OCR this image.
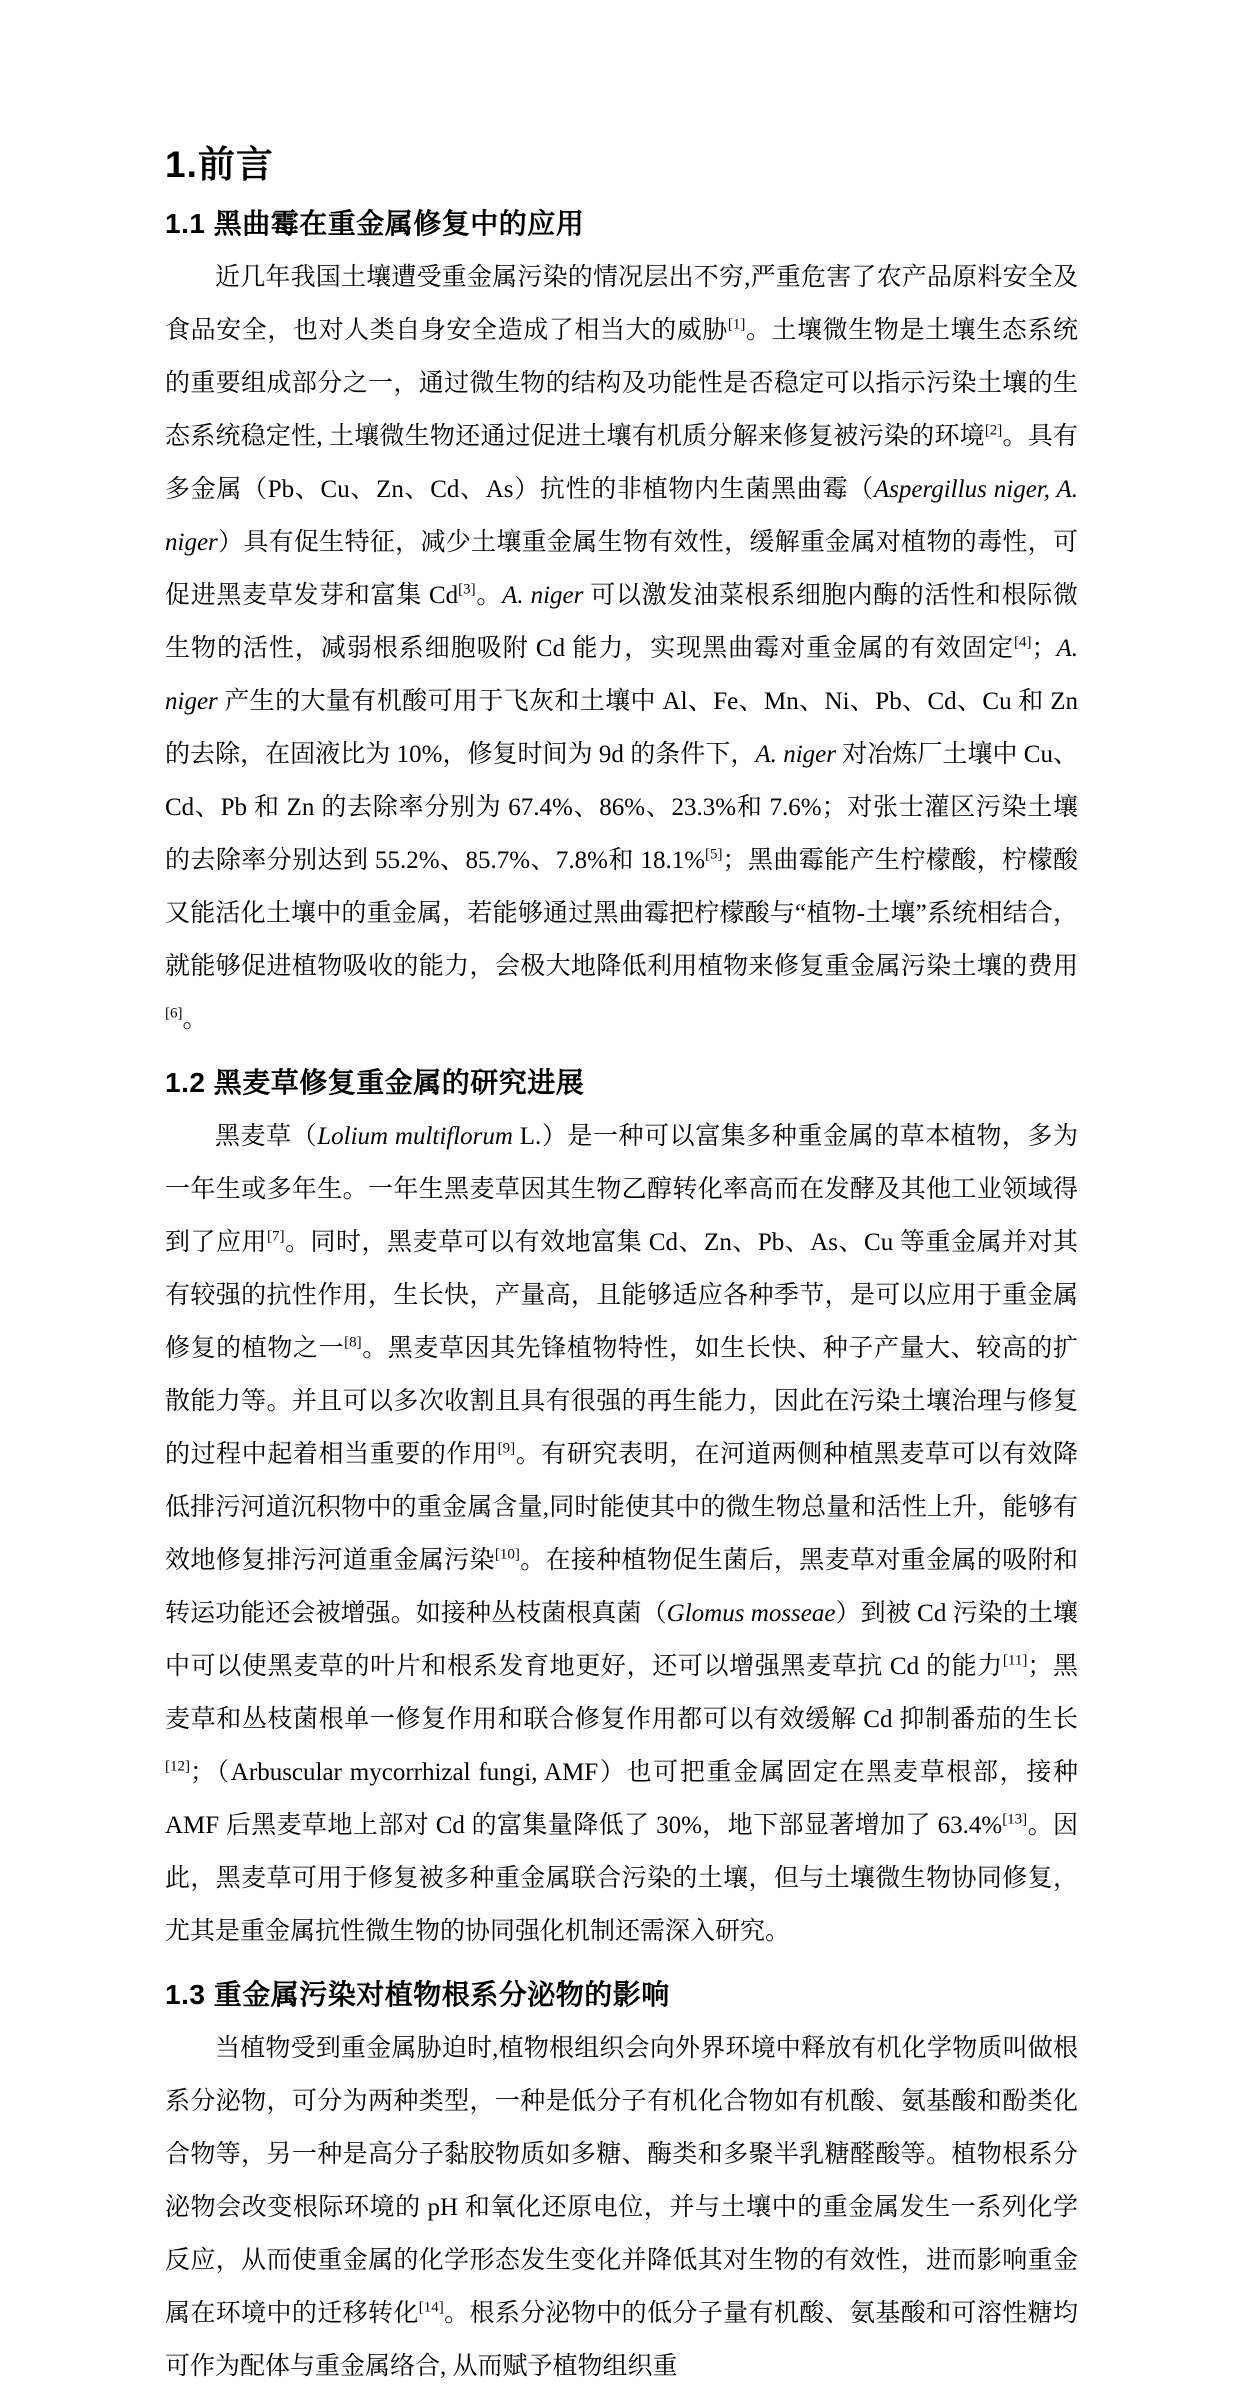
1.前言
1.1 黑曲霉在重金属修复中的应用

近几年我国土壤遭受重金属污染的情况层出不穷,严重危害了农产品原料安全及食品安全，也对人类自身安全造成了相当大的威胁[1]。土壤微生物是土壤生态系统的重要组成部分之一，通过微生物的结构及功能性是否稳定可以指示污染土壤的生态系统稳定性, 土壤微生物还通过促进土壤有机质分解来修复被污染的环境[2]。具有多金属（Pb、Cu、Zn、Cd、As）抗性的非植物内生菌黑曲霉（Aspergillus niger, A. niger）具有促生特征，减少土壤重金属生物有效性，缓解重金属对植物的毒性，可促进黑麦草发芽和富集 Cd[3]。A. niger 可以激发油菜根系细胞内酶的活性和根际微生物的活性，减弱根系细胞吸附 Cd 能力，实现黑曲霉对重金属的有效固定[4]；A. niger 产生的大量有机酸可用于飞灰和土壤中 Al、Fe、Mn、Ni、Pb、Cd、Cu 和 Zn 的去除，在固液比为 10%，修复时间为 9d 的条件下，A. niger 对冶炼厂土壤中 Cu、Cd、Pb 和 Zn 的去除率分别为 67.4%、86%、23.3%和 7.6%；对张士灌区污染土壤的去除率分别达到 55.2%、85.7%、7.8%和 18.1%[5]；黑曲霉能产生柠檬酸，柠檬酸又能活化土壤中的重金属，若能够通过黑曲霉把柠檬酸与“植物-土壤”系统相结合，就能够促进植物吸收的能力，会极大地降低利用植物来修复重金属污染土壤的费用[6]。

1.2 黑麦草修复重金属的研究进展

黑麦草（Lolium multiflorum L.）是一种可以富集多种重金属的草本植物，多为一年生或多年生。一年生黑麦草因其生物乙醇转化率高而在发酵及其他工业领域得到了应用[7]。同时，黑麦草可以有效地富集 Cd、Zn、Pb、As、Cu 等重金属并对其有较强的抗性作用，生长快，产量高，且能够适应各种季节，是可以应用于重金属修复的植物之一[8]。黑麦草因其先锋植物特性，如生长快、种子产量大、较高的扩散能力等。并且可以多次收割且具有很强的再生能力，因此在污染土壤治理与修复的过程中起着相当重要的作用[9]。有研究表明，在河道两侧种植黑麦草可以有效降低排污河道沉积物中的重金属含量,同时能使其中的微生物总量和活性上升，能够有效地修复排污河道重金属污染[10]。在接种植物促生菌后，黑麦草对重金属的吸附和转运功能还会被增强。如接种丛枝菌根真菌（Glomus mosseae）到被 Cd 污染的土壤中可以使黑麦草的叶片和根系发育地更好，还可以增强黑麦草抗 Cd 的能力[11]；黑麦草和丛枝菌根单一修复作用和联合修复作用都可以有效缓解 Cd 抑制番茄的生长[12]；（Arbuscular mycorrhizal fungi, AMF）也可把重金属固定在黑麦草根部，接种 AMF 后黑麦草地上部对 Cd 的富集量降低了 30%，地下部显著增加了 63.4%[13]。因此，黑麦草可用于修复被多种重金属联合污染的土壤，但与土壤微生物协同修复，尤其是重金属抗性微生物的协同强化机制还需深入研究。

1.3 重金属污染对植物根系分泌物的影响

当植物受到重金属胁迫时,植物根组织会向外界环境中释放有机化学物质叫做根系分泌物，可分为两种类型，一种是低分子有机化合物如有机酸、氨基酸和酚类化合物等，另一种是高分子黏胶物质如多糖、酶类和多聚半乳糖醛酸等。植物根系分泌物会改变根际环境的 pH 和氧化还原电位，并与土壤中的重金属发生一系列化学反应，从而使重金属的化学形态发生变化并降低其对生物的有效性，进而影响重金属在环境中的迁移转化[14]。根系分泌物中的低分子量有机酸、氨基酸和可溶性糖均可作为配体与重金属络合, 从而赋予植物组织重
